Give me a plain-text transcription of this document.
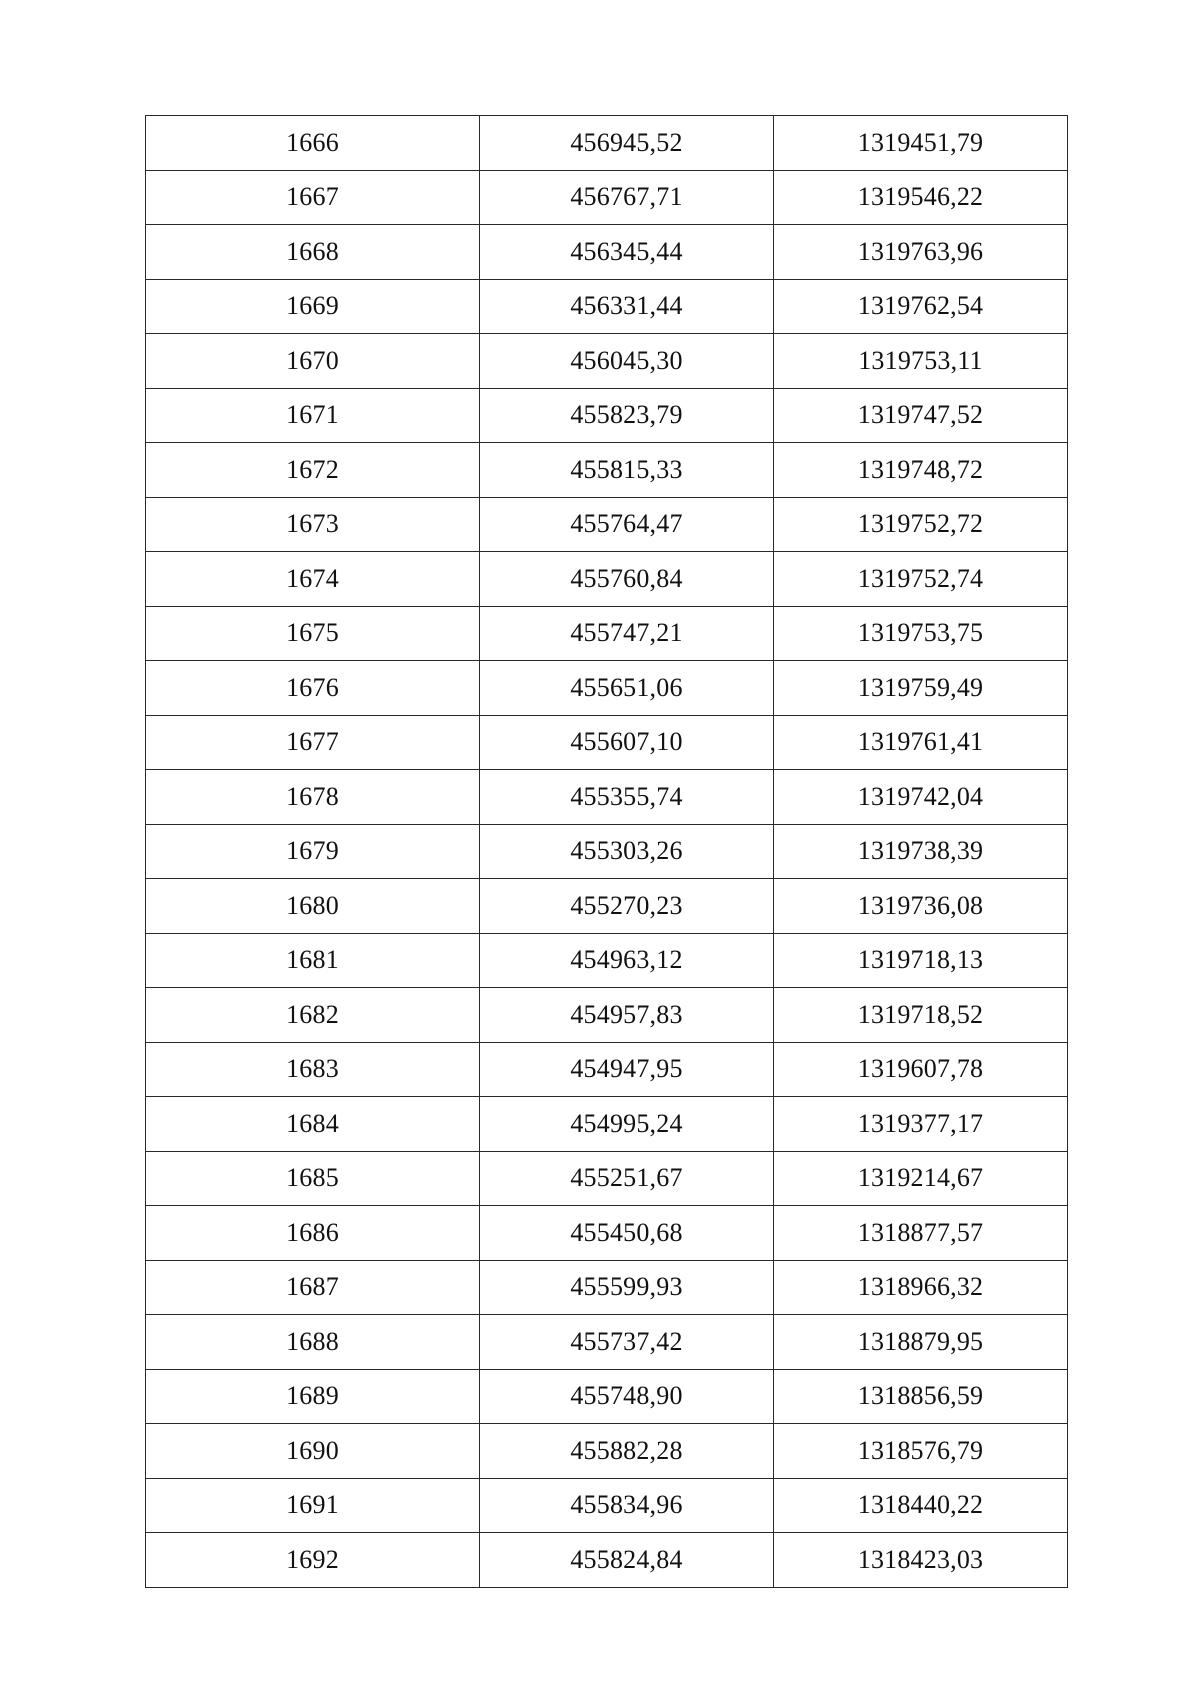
1666	456945,52	1319451,79
1667	456767,71	1319546,22
1668	456345,44	1319763,96
1669	456331,44	1319762,54
1670	456045,30	1319753,11
1671	455823,79	1319747,52
1672	455815,33	1319748,72
1673	455764,47	1319752,72
1674	455760,84	1319752,74
1675	455747,21	1319753,75
1676	455651,06	1319759,49
1677	455607,10	1319761,41
1678	455355,74	1319742,04
1679	455303,26	1319738,39
1680	455270,23	1319736,08
1681	454963,12	1319718,13
1682	454957,83	1319718,52
1683	454947,95	1319607,78
1684	454995,24	1319377,17
1685	455251,67	1319214,67
1686	455450,68	1318877,57
1687	455599,93	1318966,32
1688	455737,42	1318879,95
1689	455748,90	1318856,59
1690	455882,28	1318576,79
1691	455834,96	1318440,22
1692	455824,84	1318423,03
